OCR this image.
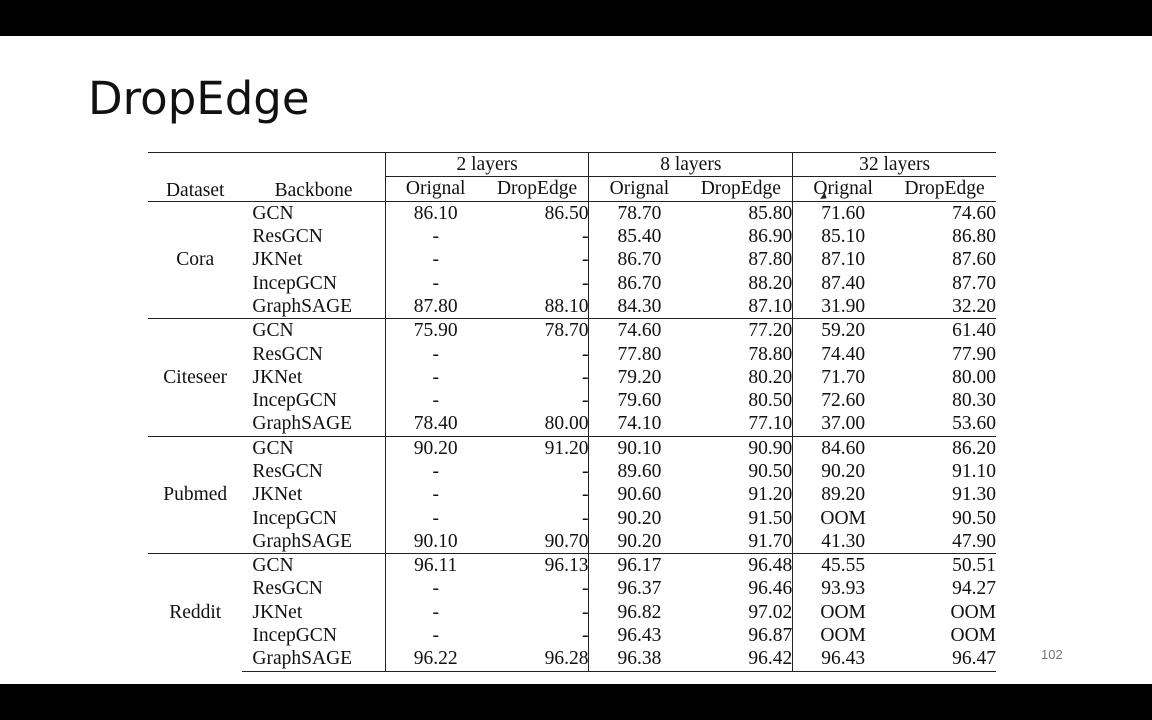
DropEdge
Dataset	Backbone	2 layers		8 layers		32 layers	
		Orignal	DropEdge	Orignal	DropEdge	Orignal	DropEdge
Cora	GCN	86.10	86.50	78.70	85.80	71.60	74.60
	ResGCN	-	-	85.40	86.90	85.10	86.80
	JKNet	-	-	86.70	87.80	87.10	87.60
	IncepGCN	-	-	86.70	88.20	87.40	87.70
	GraphSAGE	87.80	88.10	84.30	87.10	31.90	32.20
Citeseer	GCN	75.90	78.70	74.60	77.20	59.20	61.40
	ResGCN	-	-	77.80	78.80	74.40	77.90
	JKNet	-	-	79.20	80.20	71.70	80.00
	IncepGCN	-	-	79.60	80.50	72.60	80.30
	GraphSAGE	78.40	80.00	74.10	77.10	37.00	53.60
Pubmed	GCN	90.20	91.20	90.10	90.90	84.60	86.20
	ResGCN	-	-	89.60	90.50	90.20	91.10
	JKNet	-	-	90.60	91.20	89.20	91.30
	IncepGCN	-	-	90.20	91.50	OOM	90.50
	GraphSAGE	90.10	90.70	90.20	91.70	41.30	47.90
Reddit	GCN	96.11	96.13	96.17	96.48	45.55	50.51
	ResGCN	-	-	96.37	96.46	93.93	94.27
	JKNet	-	-	96.82	97.02	OOM	OOM
	IncepGCN	-	-	96.43	96.87	OOM	OOM
	GraphSAGE	96.22	96.28	96.38	96.42	96.43	96.47	102
